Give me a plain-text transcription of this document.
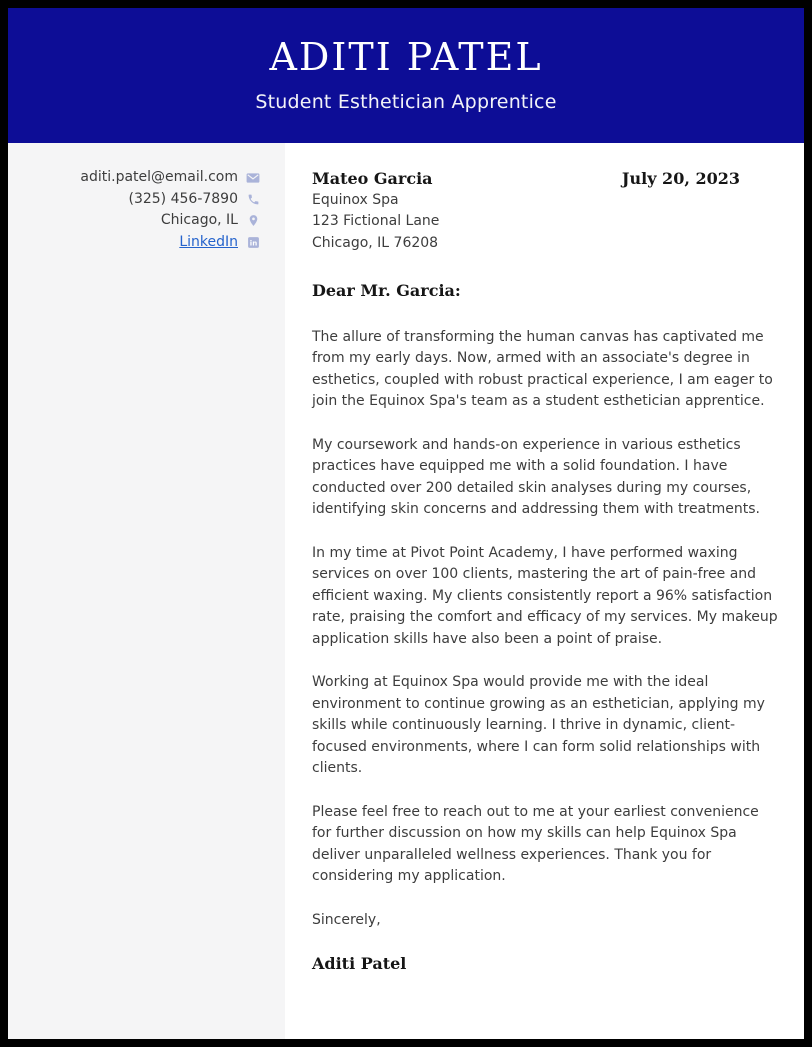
ADITI PATEL
Student Esthetician Apprentice
aditi.patel@email.com
(325) 456-7890
Chicago, IL
LinkedIn in
Mateo Garcia
Equinox Spa
123 Fictional Lane
Chicago, IL 76208
July 20, 2023
Dear Mr. Garcia:

The allure of transforming the human canvas has captivated me from my early days. Now, armed with an associate's degree in esthetics, coupled with robust practical experience, I am eager to join the Equinox Spa's team as a student esthetician apprentice.

My coursework and hands-on experience in various esthetics practices have equipped me with a solid foundation. I have conducted over 200 detailed skin analyses during my courses, identifying skin concerns and addressing them with treatments.

In my time at Pivot Point Academy, I have performed waxing services on over 100 clients, mastering the art of pain-free and efficient waxing. My clients consistently report a 96% satisfaction rate, praising the comfort and efficacy of my services. My makeup application skills have also been a point of praise.

Working at Equinox Spa would provide me with the ideal environment to continue growing as an esthetician, applying my skills while continuously learning. I thrive in dynamic, client-focused environments, where I can form solid relationships with clients.

Please feel free to reach out to me at your earliest convenience for further discussion on how my skills can help Equinox Spa deliver unparalleled wellness experiences. Thank you for considering my application.

Sincerely,
Aditi Patel
